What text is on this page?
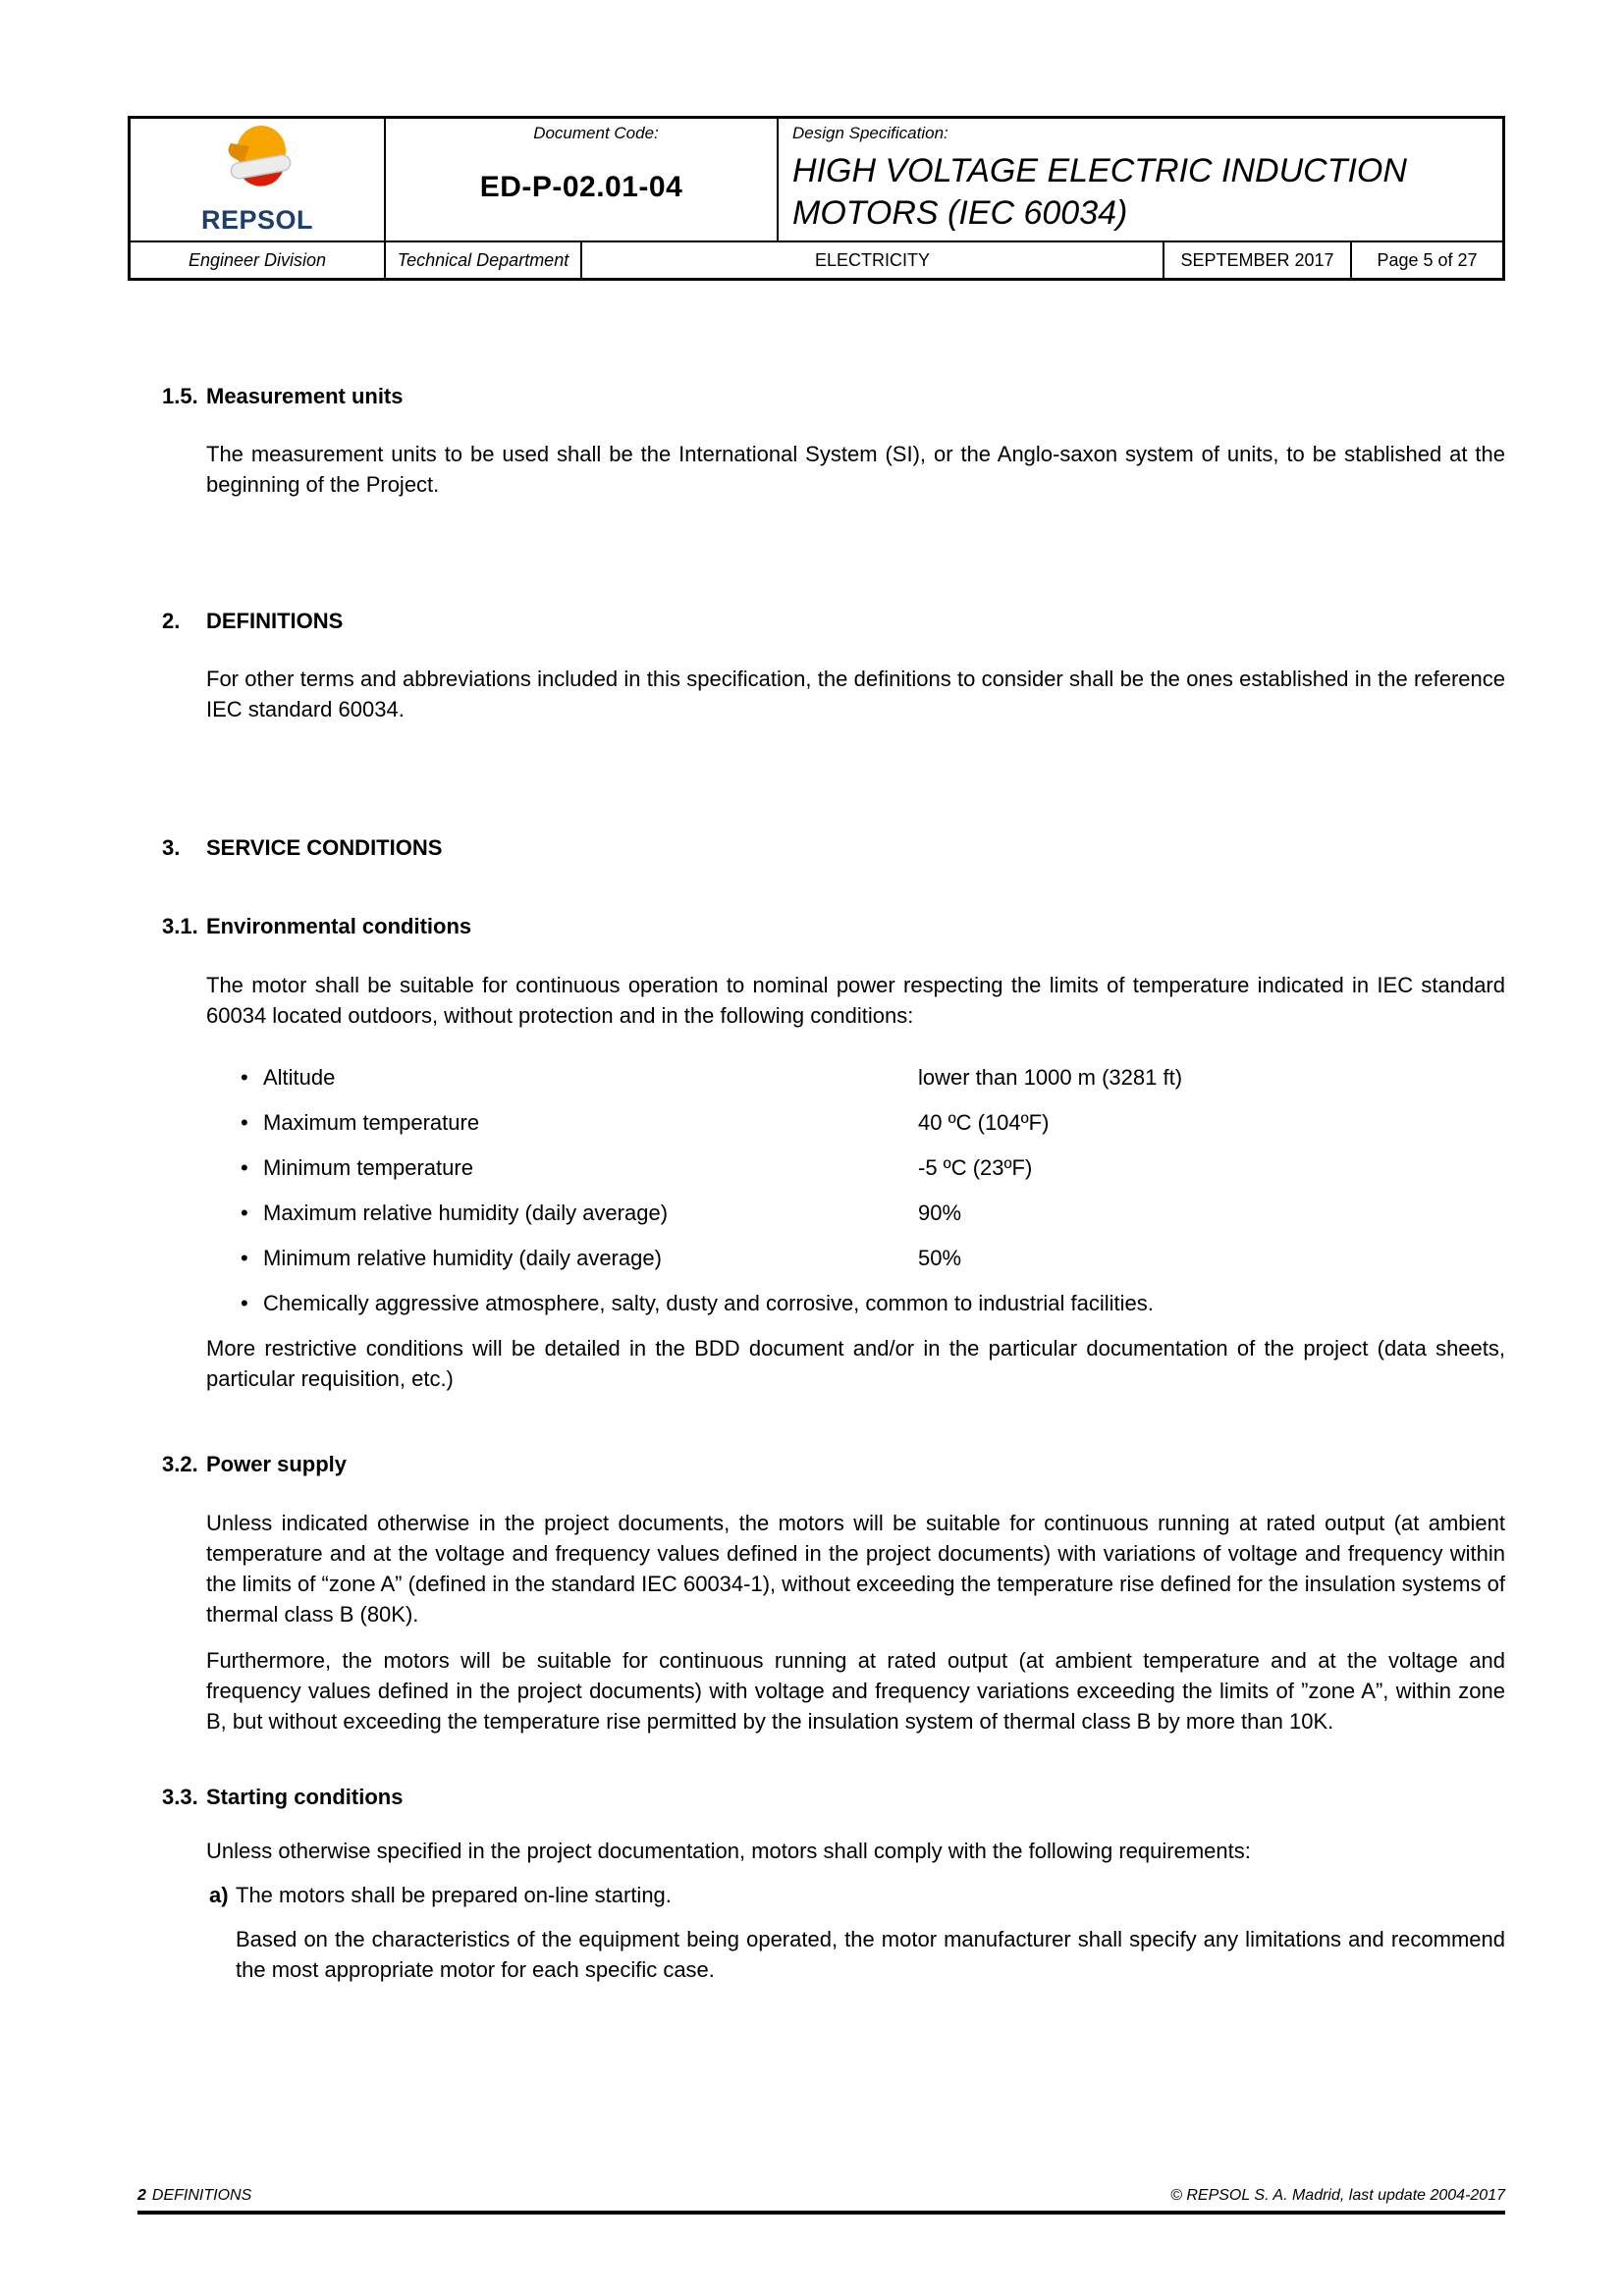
REPSOL
Document Code:
ED-P-02.01-04
Design Specification:
HIGH VOLTAGE ELECTRIC INDUCTION
MOTORS (IEC 60034)
Engineer Division	Technical Department	ELECTRICITY	SEPTEMBER 2017	Page 5 of 27
1.5. Measurement units

The measurement units to be used shall be the International System (SI), or the Anglo-saxon system of units, to be stablished at the beginning of the Project.

2.	DEFINITIONS

For other terms and abbreviations included in this specification, the definitions to consider shall be the ones established in the reference IEC standard 60034.

3.	SERVICE CONDITIONS
3.1. Environmental conditions

The motor shall be suitable for continuous operation to nominal power respecting the limits of temperature indicated in IEC standard 60034 located outdoors, without protection and in the following conditions:

•
Altitude	lower than 1000 m (3281 ft)
•
Maximum temperature	40 ºC (104ºF)
•
Minimum temperature	-5 ºC (23ºF)
•
Maximum relative humidity (daily average)	90%
•
Minimum relative humidity (daily average)	50%
•
Chemically aggressive atmosphere, salty, dusty and corrosive, common to industrial facilities.

More restrictive conditions will be detailed in the BDD document and/or in the particular documentation of the project (data sheets, particular requisition, etc.)

3.2. Power supply

Unless indicated otherwise in the project documents, the motors will be suitable for continuous running at rated output (at ambient temperature and at the voltage and frequency values defined in the project documents) with variations of voltage and frequency within the limits of “zone A” (defined in the standard IEC 60034-1), without exceeding the temperature rise defined for the insulation systems of thermal class B (80K).

Furthermore, the motors will be suitable for continuous running at rated output (at ambient temperature and at the voltage and frequency values defined in the project documents) with voltage and frequency variations exceeding the limits of ”zone A”, within zone B, but without exceeding the temperature rise permitted by the insulation system of thermal class B by more than 10K.

3.3. Starting conditions

Unless otherwise specified in the project documentation, motors shall comply with the following requirements:

a) The motors shall be prepared on-line starting.

Based on the characteristics of the equipment being operated, the motor manufacturer shall specify any limitations and recommend the most appropriate motor for each specific case.

2 DEFINITIONS	© REPSOL S. A. Madrid, last update 2004-2017
